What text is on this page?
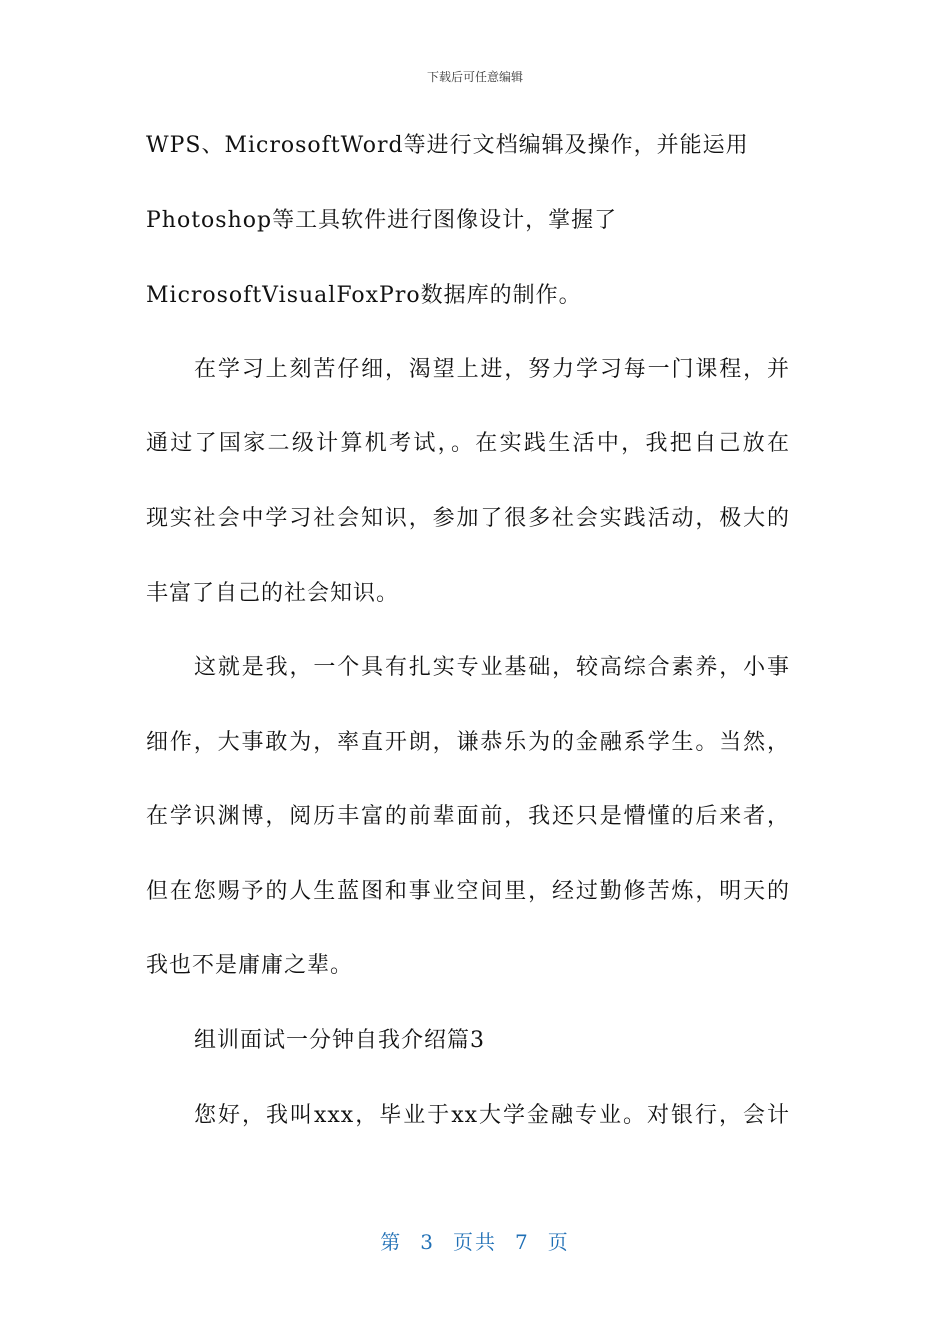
下载后可任意编辑
WPS、MicrosoftWord等进行文档编辑及操作，并能运用
Photoshop等工具软件进行图像设计，掌握了
MicrosoftVisualFoxPro数据库的制作。
在学习上刻苦仔细，渴望上进，努力学习每一门课程，并
通过了国家二级计算机考试，。在实践生活中，我把自己放在
现实社会中学习社会知识，参加了很多社会实践活动，极大的
丰富了自己的社会知识。
这就是我，一个具有扎实专业基础，较高综合素养，小事
细作，大事敢为，率直开朗，谦恭乐为的金融系学生。当然，
在学识渊博，阅历丰富的前辈面前，我还只是懵懂的后来者，
但在您赐予的人生蓝图和事业空间里，经过勤修苦炼，明天的
我也不是庸庸之辈。
组训面试一分钟自我介绍篇3
您好，我叫xxx，毕业于xx大学金融专业。对银行，会计
第 3 页共 7 页
